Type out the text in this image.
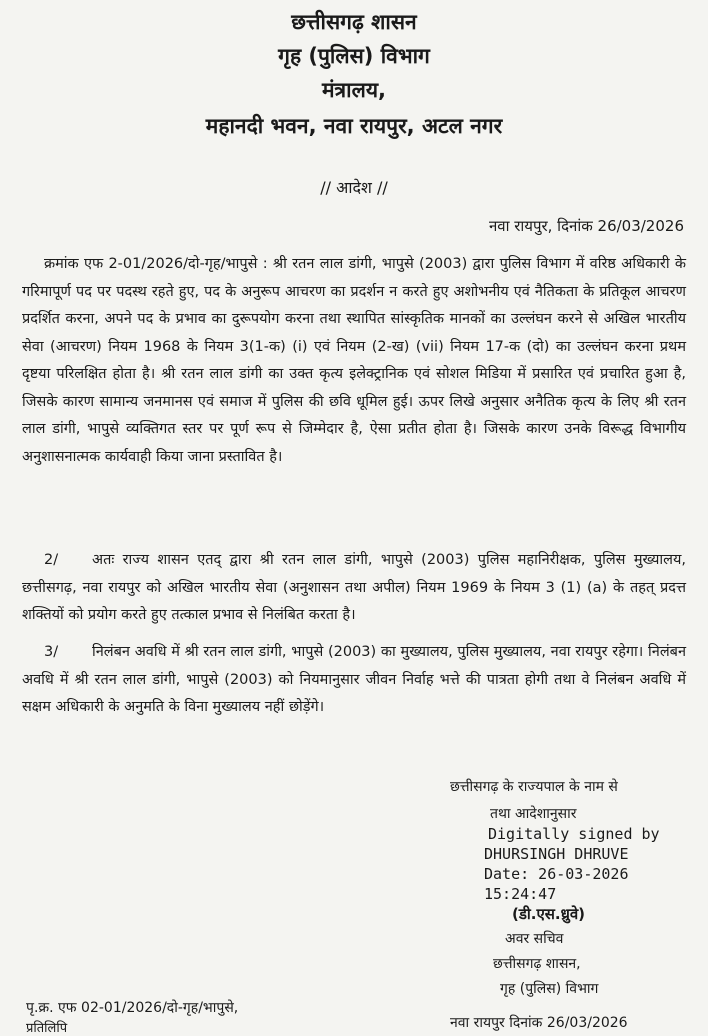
छत्तीसगढ़ शासन
गृह (पुलिस) विभाग
मंत्रालय,
महानदी भवन, नवा रायपुर, अटल नगर
// आदेश //
नवा रायपुर, दिनांक 26/03/2026

क्रमांक एफ 2-01/2026/दो-गृह/भापुसे : श्री रतन लाल डांगी, भापुसे (2003) द्वारा पुलिस विभाग में वरिष्ठ अधिकारी के गरिमापूर्ण पद पर पदस्थ रहते हुए, पद के अनुरूप आचरण का प्रदर्शन न करते हुए अशोभनीय एवं नैतिकता के प्रतिकूल आचरण प्रदर्शित करना, अपने पद के प्रभाव का दुरूपयोग करना तथा स्थापित सांस्कृतिक मानकों का उल्लंघन करने से अखिल भारतीय सेवा (आचरण) नियम 1968 के नियम 3(1-क) (i) एवं नियम (2-ख) (vii) नियम 17-क (दो) का उल्लंघन करना प्रथम दृष्टया परिलक्षित होता है। श्री रतन लाल डांगी का उक्त कृत्य इलेक्ट्रानिक एवं सोशल मिडिया में प्रसारित एवं प्रचारित हुआ है, जिसके कारण सामान्य जनमानस एवं समाज में पुलिस की छवि धूमिल हुई। ऊपर लिखे अनुसार अनैतिक कृत्य के लिए श्री रतन लाल डांगी, भापुसे व्यक्तिगत स्तर पर पूर्ण रूप से जिम्मेदार है, ऐसा प्रतीत होता है। जिसके कारण उनके विरूद्ध विभागीय अनुशासनात्मक कार्यवाही किया जाना प्रस्तावित है।

2/	अतः राज्य शासन एतद् द्वारा श्री रतन लाल डांगी, भापुसे (2003) पुलिस महानिरीक्षक, पुलिस मुख्यालय, छत्तीसगढ़, नवा रायपुर को अखिल भारतीय सेवा (अनुशासन तथा अपील) नियम 1969 के नियम 3 (1) (a) के तहत् प्रदत्त शक्तियों को प्रयोग करते हुए तत्काल प्रभाव से निलंबित करता है।

3/	निलंबन अवधि में श्री रतन लाल डांगी, भापुसे (2003) का मुख्यालय, पुलिस मुख्यालय, नवा रायपुर रहेगा। निलंबन अवधि में श्री रतन लाल डांगी, भापुसे (2003) को नियमानुसार जीवन निर्वाह भत्ते की पात्रता होगी तथा वे निलंबन अवधि में सक्षम अधिकारी के अनुमति के विना मुख्यालय नहीं छोड़ेंगे।

छत्तीसगढ़ के राज्यपाल के नाम से
तथा आदेशानुसार
Digitally signed by
DHURSINGH DHRUVE
Date: 26-03-2026
15:24:47
(डी.एस.ध्रुवे)
अवर सचिव
छत्तीसगढ़ शासन,
गृह (पुलिस) विभाग
पृ.क्र. एफ 02-01/2026/दो-गृह/भापुसे,
नवा रायपुर दिनांक 26/03/2026
प्रतिलिपि
